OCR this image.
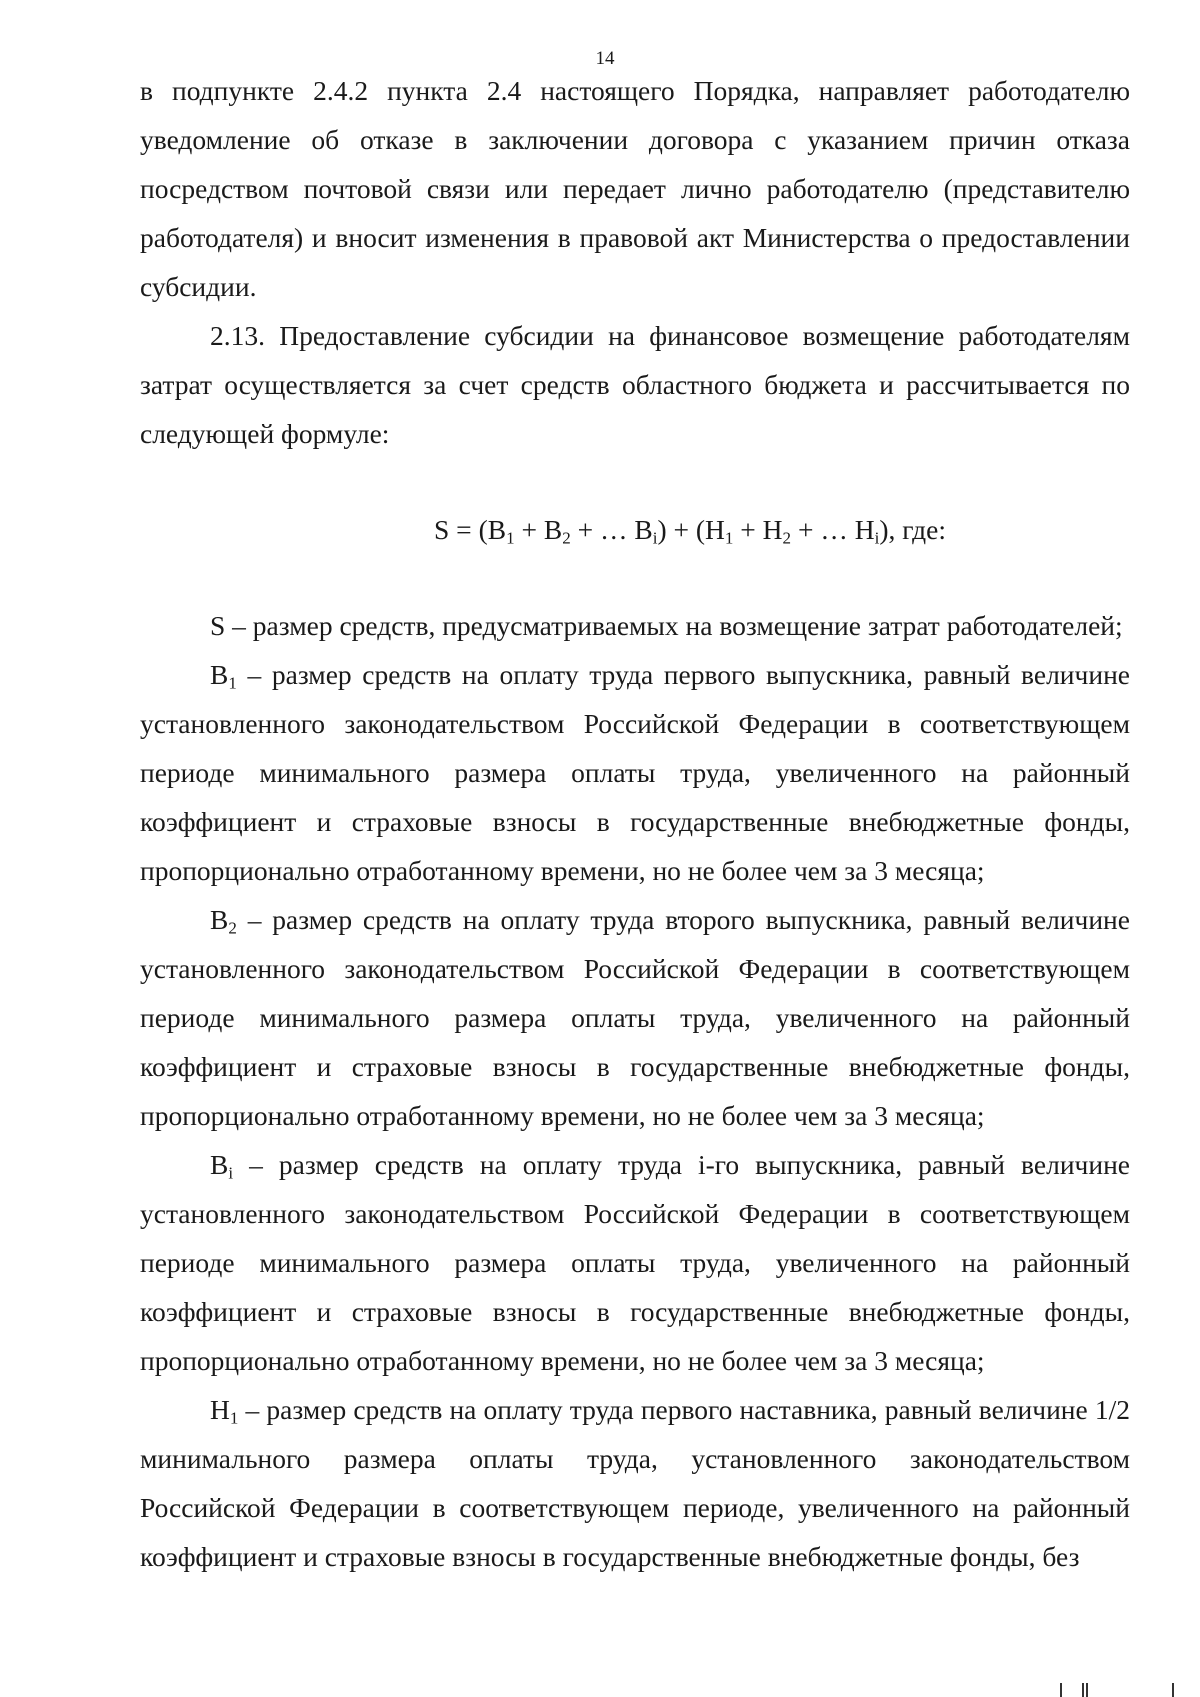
14

в подпункте 2.4.2 пункта 2.4 настоящего Порядка, направляет работодателю уведомление об отказе в заключении договора с указанием причин отказа посредством почтовой связи или передает лично работодателю (представителю работодателя) и вносит изменения в правовой акт Министерства о предоставлении субсидии.

2.13. Предоставление субсидии на финансовое возмещение работодателям затрат осуществляется за счет средств областного бюджета и рассчитывается по следующей формуле:

$S = (В_1 + В_2$ + … $В_i) + (Н_1 + Н_2$ + … $Н_i$), где:

S – размер средств, предусматриваемых на возмещение затрат работодателей;

$В_1$ – размер средств на оплату труда первого выпускника, равный величине установленного законодательством Российской Федерации в соответствующем периоде минимального размера оплаты труда, увеличенного на районный коэффициент и страховые взносы в государственные внебюджетные фонды, пропорционально отработанному времени, но не более чем за 3 месяца;

$В_2$ – размер средств на оплату труда второго выпускника, равный величине установленного законодательством Российской Федерации в соответствующем периоде минимального размера оплаты труда, увеличенного на районный коэффициент и страховые взносы в государственные внебюджетные фонды, пропорционально отработанному времени, но не более чем за 3 месяца;

$В_i$ – размер средств на оплату труда i-го выпускника, равный величине установленного законодательством Российской Федерации в соответствующем периоде минимального размера оплаты труда, увеличенного на районный коэффициент и страховые взносы в государственные внебюджетные фонды, пропорционально отработанному времени, но не более чем за 3 месяца;

$Н_1$ – размер средств на оплату труда первого наставника, равный величине 1/2 минимального размера оплаты труда, установленного законодательством Российской Федерации в соответствующем периоде, увеличенного на районный коэффициент и страховые взносы в государственные внебюджетные фонды, без
